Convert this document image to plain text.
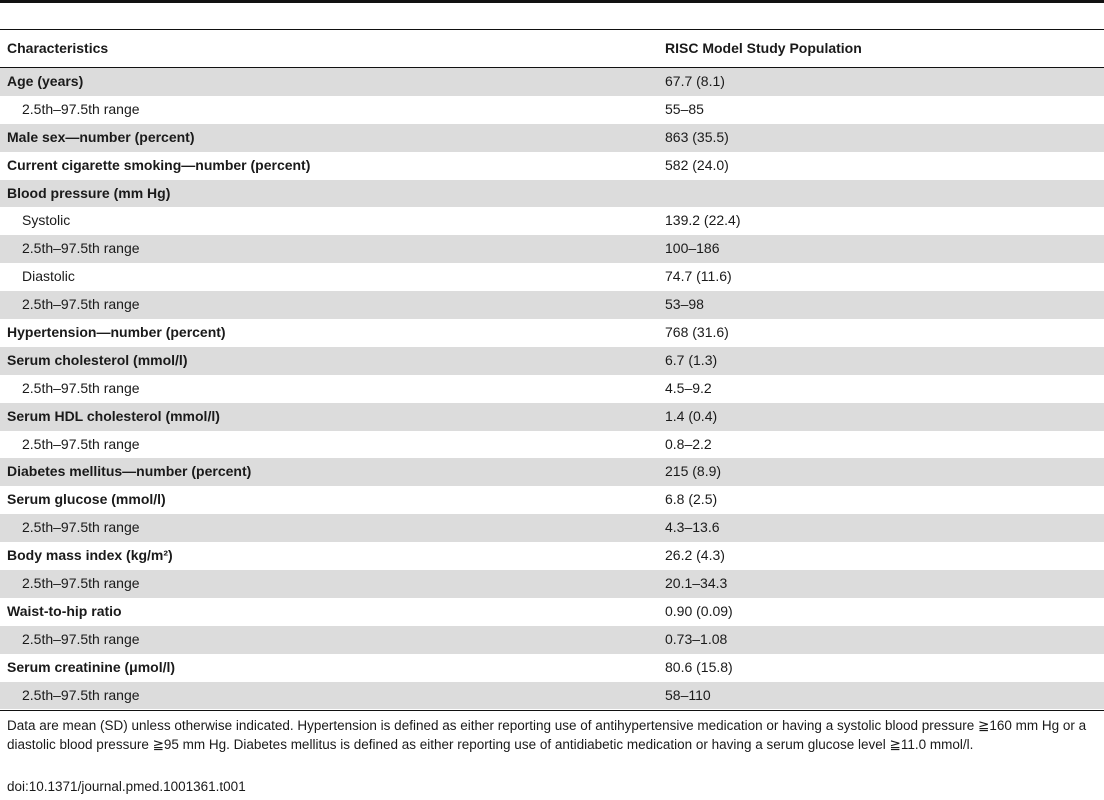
Characteristics	RISC Model Study Population
Age (years)	67.7 (8.1)
2.5th–97.5th range	55–85
Male sex—number (percent)	863 (35.5)
Current cigarette smoking—number (percent)	582 (24.0)
Blood pressure (mm Hg)
Systolic	139.2 (22.4)
2.5th–97.5th range	100–186
Diastolic	74.7 (11.6)
2.5th–97.5th range	53–98
Hypertension—number (percent)	768 (31.6)
Serum cholesterol (mmol/l)	6.7 (1.3)
2.5th–97.5th range	4.5–9.2
Serum HDL cholesterol (mmol/l)	1.4 (0.4)
2.5th–97.5th range	0.8–2.2
Diabetes mellitus—number (percent)	215 (8.9)
Serum glucose (mmol/l)	6.8 (2.5)
2.5th–97.5th range	4.3–13.6
Body mass index (kg/m²)	26.2 (4.3)
2.5th–97.5th range	20.1–34.3
Waist-to-hip ratio	0.90 (0.09)
2.5th–97.5th range	0.73–1.08
Serum creatinine (μmol/l)	80.6 (15.8)
2.5th–97.5th range	58–110
Data are mean (SD) unless otherwise indicated. Hypertension is defined as either reporting use of antihypertensive medication or having a systolic blood pressure ≧160 mm Hg or a diastolic blood pressure ≧95 mm Hg. Diabetes mellitus is defined as either reporting use of antidiabetic medication or having a serum glucose level ≧11.0 mmol/l.
doi:10.1371/journal.pmed.1001361.t001
